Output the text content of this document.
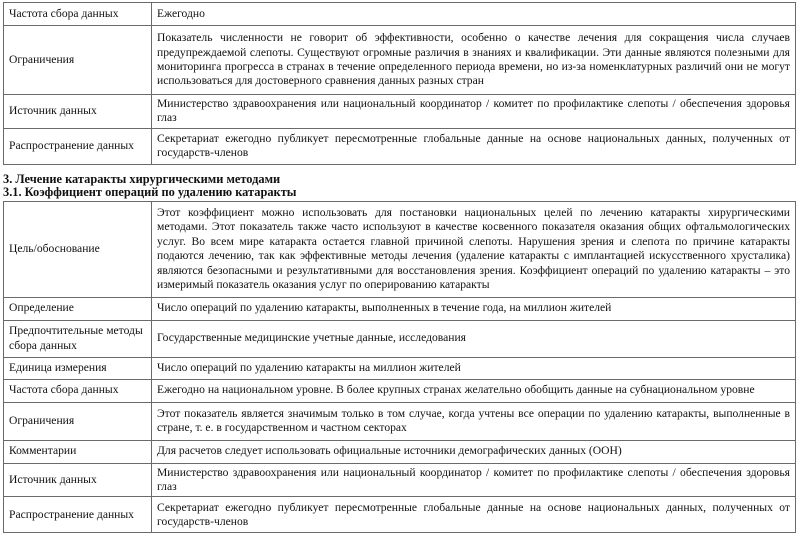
Частота сбора данных	Ежегодно
Ограничения	Показатель численности не говорит об эффективности, особенно о качестве лечения для сокращения числа случаев предупреждаемой слепоты. Существуют огромные различия в знаниях и квалификации. Эти данные являются полезными для мониторинга прогресса в странах в течение определенного периода времени, но из-за номенклатурных различий они не могут использоваться для достоверного сравнения данных разных стран
Источник данных	Министерство здравоохранения или национальный координатор / комитет по профилактике слепоты / обеспечения здоровья глаз
Распространение данных	Секретариат ежегодно публикует пересмотренные глобальные данные на основе национальных данных, полученных от государств-членов
3. Лечение катаракты хирургическими методами
3.1. Коэффициент операций по удалению катаракты
Цель/обоснование	Этот коэффициент можно использовать для постановки национальных целей по лечению катаракты хирургическими методами. Этот показатель также часто используют в качестве косвенного показателя оказания общих офтальмологических услуг. Во всем мире катаракта остается главной причиной слепоты. Нарушения зрения и слепота по причине катаракты подаются лечению, так как эффективные методы лечения (удаление катаракты с имплантацией искусственного хрусталика) являются безопасными и результативными для восстановления зрения. Коэффициент операций по удалению катаракты – это измеримый показатель оказания услуг по оперированию катаракты
Определение	Число операций по удалению катаракты, выполненных в течение года, на миллион жителей
Предпочтительные методы сбора данных	Государственные медицинские учетные данные, исследования
Единица измерения	Число операций по удалению катаракты на миллион жителей
Частота сбора данных	Ежегодно на национальном уровне. В более крупных странах желательно обобщить данные на субнациональном уровне
Ограничения	Этот показатель является значимым только в том случае, когда учтены все операции по удалению катаракты, выполненные в стране, т. е. в государственном и частном секторах
Комментарии	Для расчетов следует использовать официальные источники демографических данных (ООН)
Источник данных	Министерство здравоохранения или национальный координатор / комитет по профилактике слепоты / обеспечения здоровья глаз
Распространение данных	Секретариат ежегодно публикует пересмотренные глобальные данные на основе национальных данных, полученных от государств-членов
